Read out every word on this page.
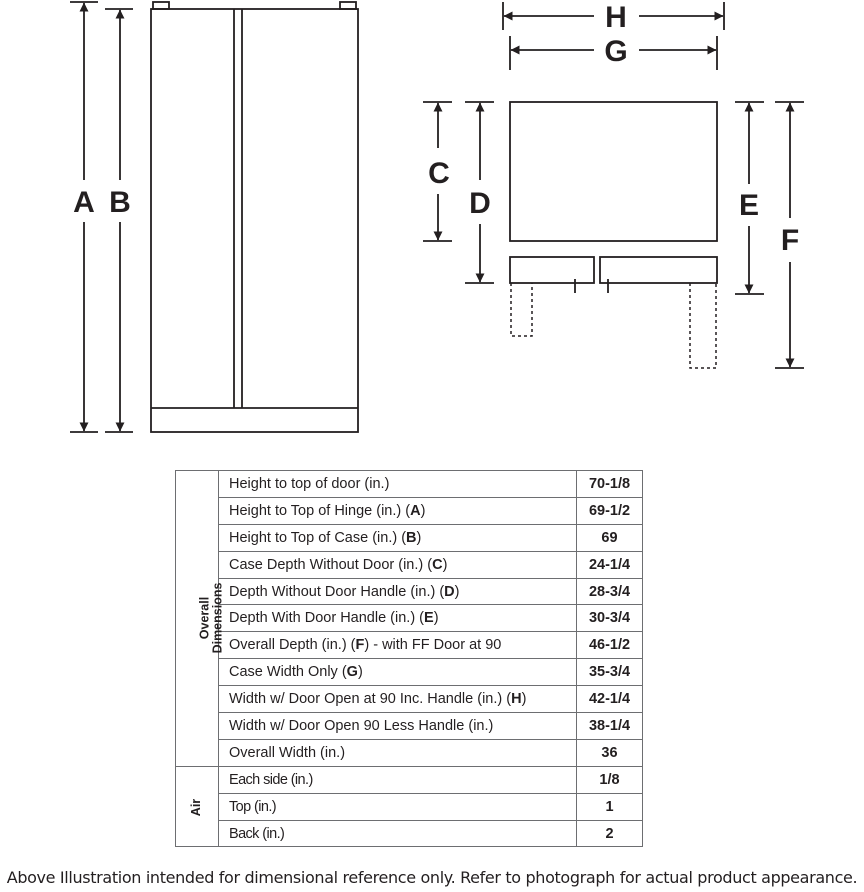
A B
H
G
C
D	E
F
Overall Dimensions	Height to top of door (in.)	70-1/8
	Height to Top of Hinge (in.) (A)	69-1/2
	Height to Top of Case (in.) (B)	69
	Case Depth Without Door (in.) (C)	24-1/4
	Depth Without Door Handle (in.) (D)	28-3/4
	Depth With Door Handle (in.) (E)	30-3/4
	Overall Depth (in.) (F) - with FF Door at 90	46-1/2
	Case Width Only (G)	35-3/4
	Width w/ Door Open at 90 Inc. Handle (in.) (H)	42-1/4
	Width w/ Door Open 90 Less Handle (in.)	38-1/4
	Overall Width (in.)	36

Air	Each side (in.)	1/8
	Top (in.)	1
	Back (in.)	2
Above Illustration intended for dimensional reference only. Refer to photograph for actual product appearance.
